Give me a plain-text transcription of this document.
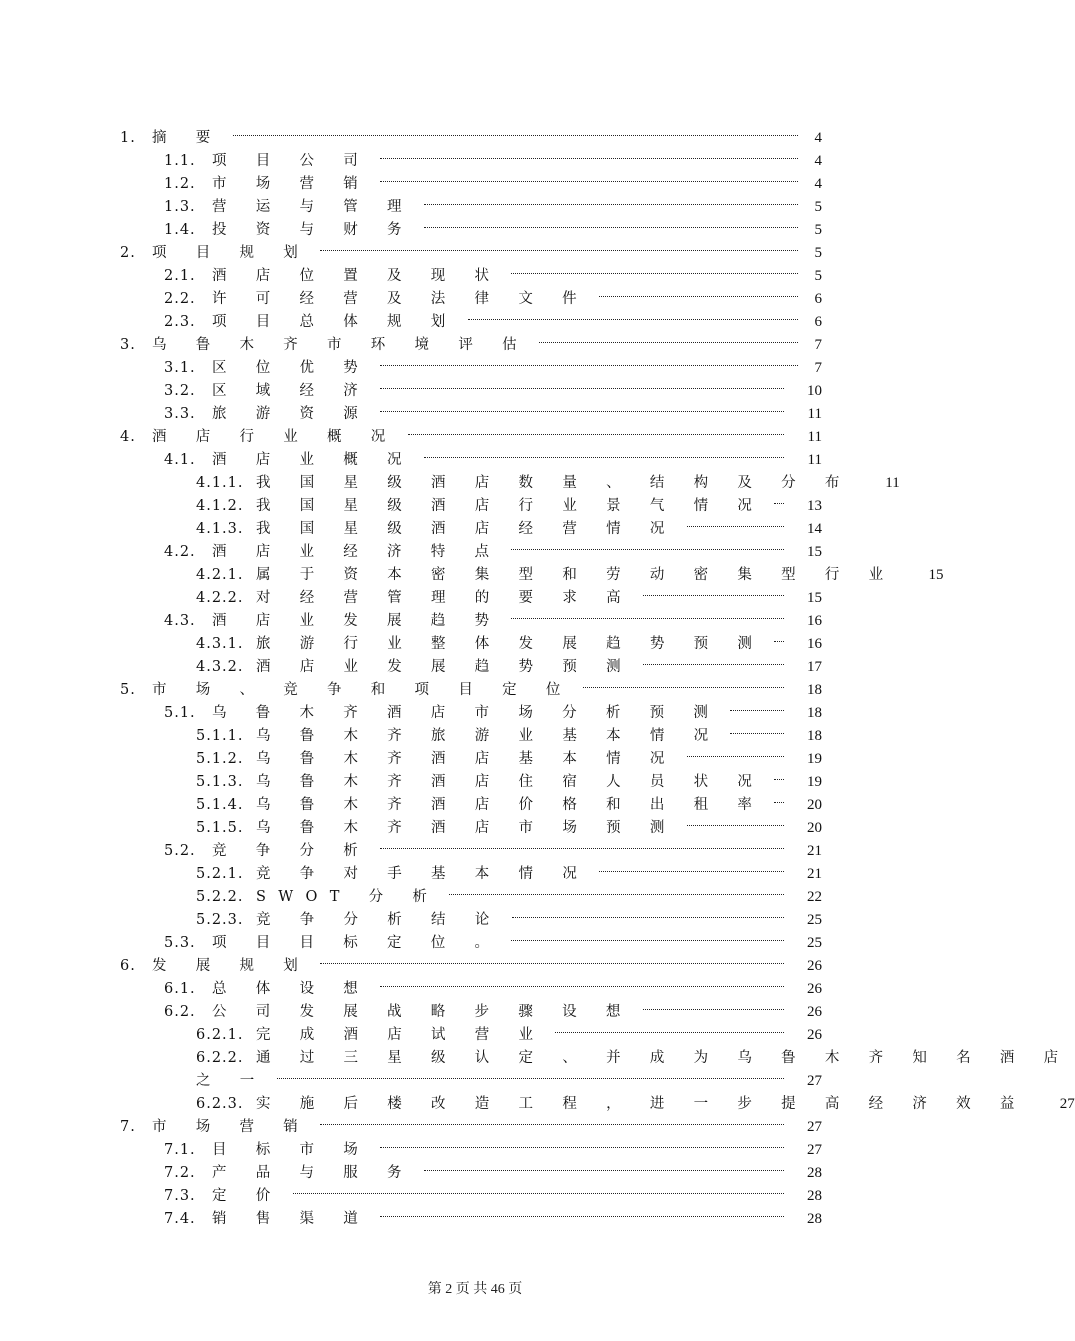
1.	摘 要	4
1.1.	项 目 公 司	4
1.2.	市 场 营 销	4
1.3.	营 运 与 管 理	5
1.4.	投 资 与 财 务	5
2.	项 目 规 划	5
2.1.	酒 店 位 置 及 现 状	5
2.2.	许 可 经 营 及 法 律 文 件	6
2.3.	项 目 总 体 规 划	6
3.	乌 鲁 木 齐 市 环 境 评 估	7
3.1.	区 位 优 势	7
3.2.	区 域 经 济	10
3.3.	旅 游 资 源	11
4.	酒 店 行 业 概 况	11
4.1.	酒 店 业 概 况	11
4.1.1. 我 国 星 级 酒 店 数 量 、 结 构 及 分 布	11
4.1.2. 我 国 星 级 酒 店 行 业 景 气 情 况	13
4.1.3. 我 国 星 级 酒 店 经 营 情 况	14
4.2.	酒 店 业 经 济 特 点	15
4.2.1. 属 于 资 本 密 集 型 和 劳 动 密 集 型 行 业	15
4.2.2. 对 经 营 管 理 的 要 求 高	15
4.3.	酒 店 业 发 展 趋 势	16
4.3.1. 旅 游 行 业 整 体 发 展 趋 势 预 测	16
4.3.2. 酒 店 业 发 展 趋 势 预 测	17
5.	市 场 、 竞 争 和 项 目 定 位	18
5.1.	乌 鲁 木 齐 酒 店 市 场 分 析 预 测	18
5.1.1. 乌 鲁 木 齐 旅 游 业 基 本 情 况	18
5.1.2. 乌 鲁 木 齐 酒 店 基 本 情 况	19
5.1.3. 乌 鲁 木 齐 酒 店 住 宿 人 员 状 况	19
5.1.4. 乌 鲁 木 齐 酒 店 价 格 和 出 租 率	20
5.1.5. 乌 鲁 木 齐 酒 店 市 场 预 测	20
5.2.	竞 争 分 析	21
5.2.1. 竞 争 对 手 基 本 情 况	21
5.2.2. SWOT 分 析	22
5.2.3. 竞 争 分 析 结 论	25
5.3.	项 目 目 标 定 位 。	25
6.	发 展 规 划	26
6.1.	总 体 设 想	26
6.2.	公 司 发 展 战 略 步 骤 设 想	26
6.2.1. 完 成 酒 店 试 营 业	26
6.2.2. 通 过 三 星 级 认 定 、 并 成 为 乌 鲁 木 齐 知 名 酒 店
之 一	27
6.2.3. 实 施 后 楼 改 造 工 程 ， 进 一 步 提 高 经 济 效 益	27
7.	市 场 营 销	27
7.1.	目 标 市 场	27
7.2.	产 品 与 服 务	28
7.3.	定 价	28
7.4.	销 售 渠 道	28
第 2 页 共 46 页
